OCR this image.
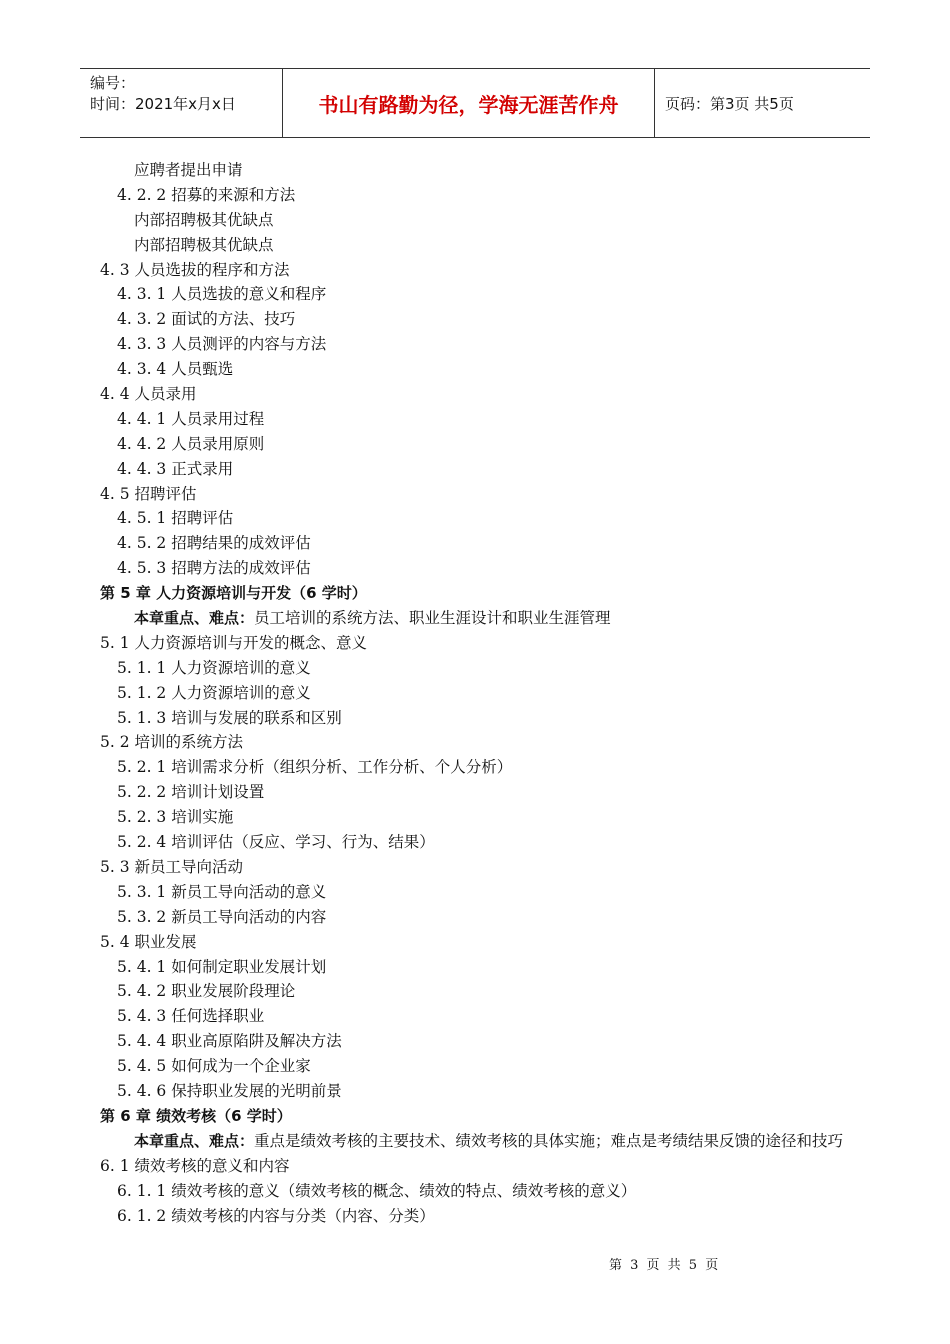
编号：
时间：2021年x月x日	书山有路勤为径，学海无涯苦作舟	页码：第3页 共5页
应聘者提出申请
4. 2. 2 招募的来源和方法
内部招聘极其优缺点
内部招聘极其优缺点
4. 3 人员选拔的程序和方法
4. 3. 1 人员选拔的意义和程序
4. 3. 2 面试的方法、技巧
4. 3. 3 人员测评的内容与方法
4. 3. 4 人员甄选
4. 4 人员录用
4. 4. 1 人员录用过程
4. 4. 2 人员录用原则
4. 4. 3 正式录用
4. 5 招聘评估
4. 5. 1 招聘评估
4. 5. 2 招聘结果的成效评估
4. 5. 3 招聘方法的成效评估
第 5 章 人力资源培训与开发（6 学时）
本章重点、难点：员工培训的系统方法、职业生涯设计和职业生涯管理
5. 1 人力资源培训与开发的概念、意义
5. 1. 1 人力资源培训的意义
5. 1. 2 人力资源培训的意义
5. 1. 3 培训与发展的联系和区别
5. 2 培训的系统方法
5. 2. 1 培训需求分析（组织分析、工作分析、个人分析）
5. 2. 2 培训计划设置
5. 2. 3 培训实施
5. 2. 4 培训评估（反应、学习、行为、结果）
5. 3 新员工导向活动
5. 3. 1 新员工导向活动的意义
5. 3. 2 新员工导向活动的内容
5. 4 职业发展
5. 4. 1 如何制定职业发展计划
5. 4. 2 职业发展阶段理论
5. 4. 3 任何选择职业
5. 4. 4 职业高原陷阱及解决方法
5. 4. 5 如何成为一个企业家
5. 4. 6 保持职业发展的光明前景
第 6 章 绩效考核（6 学时）
本章重点、难点：重点是绩效考核的主要技术、绩效考核的具体实施；难点是考绩结果反馈的途径和技巧
6. 1 绩效考核的意义和内容
6. 1. 1 绩效考核的意义（绩效考核的概念、绩效的特点、绩效考核的意义）
6. 1. 2 绩效考核的内容与分类（内容、分类）
第 3 页 共 5 页
